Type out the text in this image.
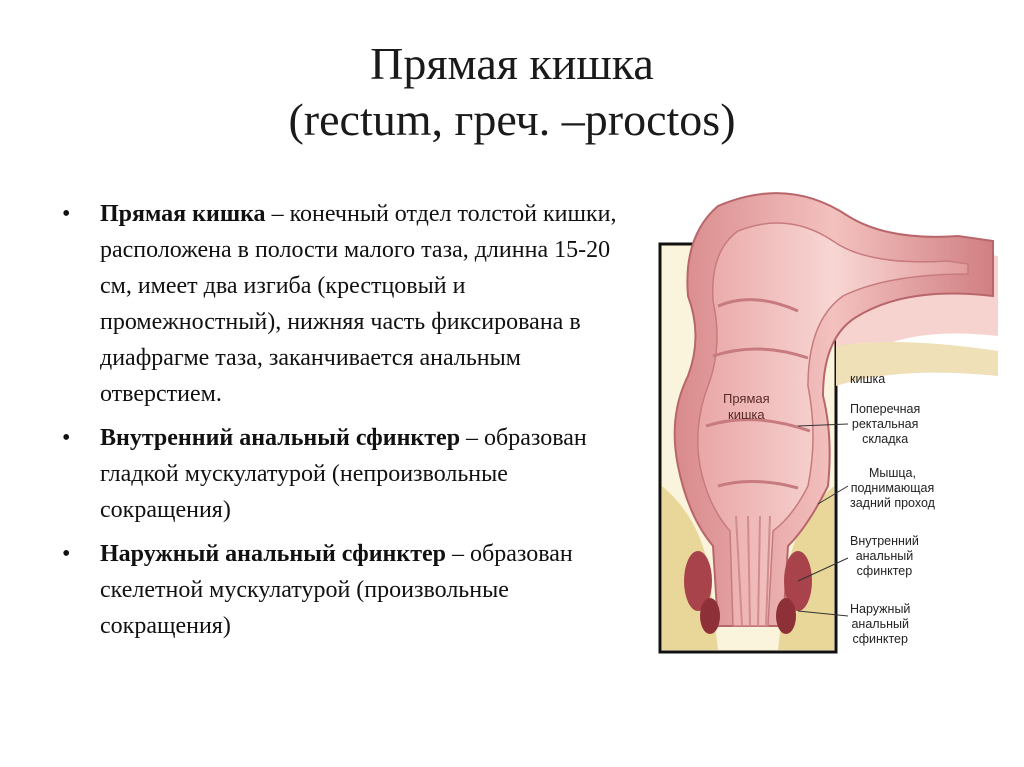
Прямая кишка
(rectum, греч. –proctos)
• Прямая кишка – конечный отдел толстой кишки, расположена в полости малого таза, длинна 15-20 см, имеет два изгиба (крестцовый и промежностный), нижняя часть фиксирована в диафрагме таза, заканчивается анальным отверстием.
• Внутренний анальный сфинктер – образован гладкой мускулатурой (непроизвольные сокращения)
• Наружный анальный сфинктер – образован скелетной мускулатурой (произвольные сокращения)
Прямая
кишка
кишка
Поперечная
ректальная
складка
Мышца,
поднимающая
задний проход
Внутренний
анальный
сфинктер
Наружный
анальный
сфинктер
